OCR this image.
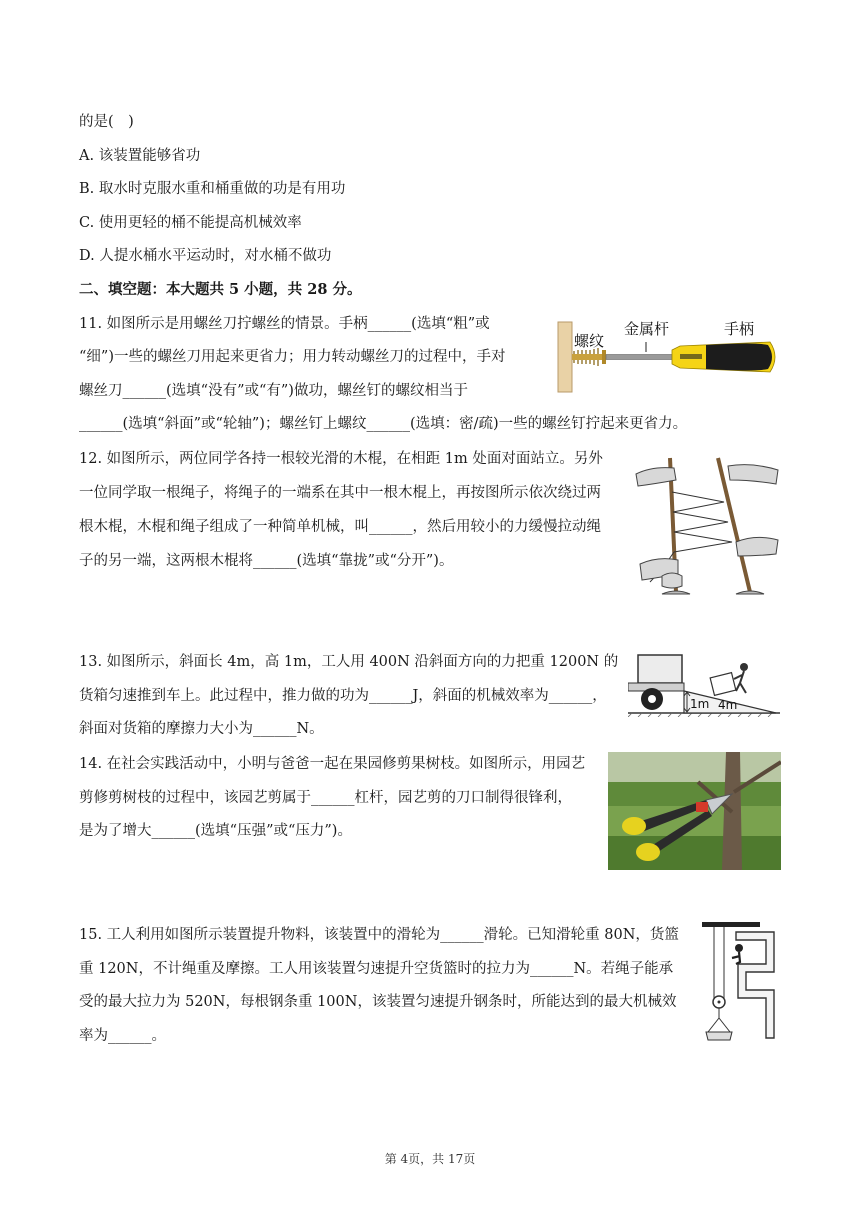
的是(　)
A. 该装置能够省功
B. 取水时克服水重和桶重做的功是有用功
C. 使用更轻的桶不能提高机械效率
D. 人提水桶水平运动时，对水桶不做功
二、填空题：本大题共 5 小题，共 28 分。
11. 如图所示是用螺丝刀拧螺丝的情景。手柄______(选填“粗”或
“细”)一些的螺丝刀用起来更省力；用力转动螺丝刀的过程中，手对
螺丝刀______(选填“没有”或“有”)做功，螺丝钉的螺纹相当于
______(选填“斜面”或“轮轴”)；螺丝钉上螺纹______(选填：密/疏)一些的螺丝钉拧起来更省力。
螺纹
金属杆	手柄
12. 如图所示，两位同学各持一根较光滑的木棍，在相距 1m 处面对面站立。另外
一位同学取一根绳子，将绳子的一端系在其中一根木棍上，再按图所示依次绕过两
根木棍，木棍和绳子组成了一种简单机械，叫______，然后用较小的力缓慢拉动绳
子的另一端，这两根木棍将______(选填“靠拢”或“分开”)。
13. 如图所示，斜面长 4m，高 1m，工人用 400N 沿斜面方向的力把重 1200N 的
货箱匀速推到车上。此过程中，推力做的功为______J，斜面的机械效率为______，
斜面对货箱的摩擦力大小为______N。
1m 4m
14. 在社会实践活动中，小明与爸爸一起在果园修剪果树枝。如图所示，用园艺
剪修剪树枝的过程中，该园艺剪属于______杠杆，园艺剪的刀口制得很锋利，
是为了增大______(选填“压强”或“压力”)。
15. 工人利用如图所示装置提升物料，该装置中的滑轮为______滑轮。已知滑轮重 80N，货篮
重 120N，不计绳重及摩擦。工人用该装置匀速提升空货篮时的拉力为______N。若绳子能承
受的最大拉力为 520N，每根钢条重 100N，该装置匀速提升钢条时，所能达到的最大机械效
率为______。
第 4页，共 17页
